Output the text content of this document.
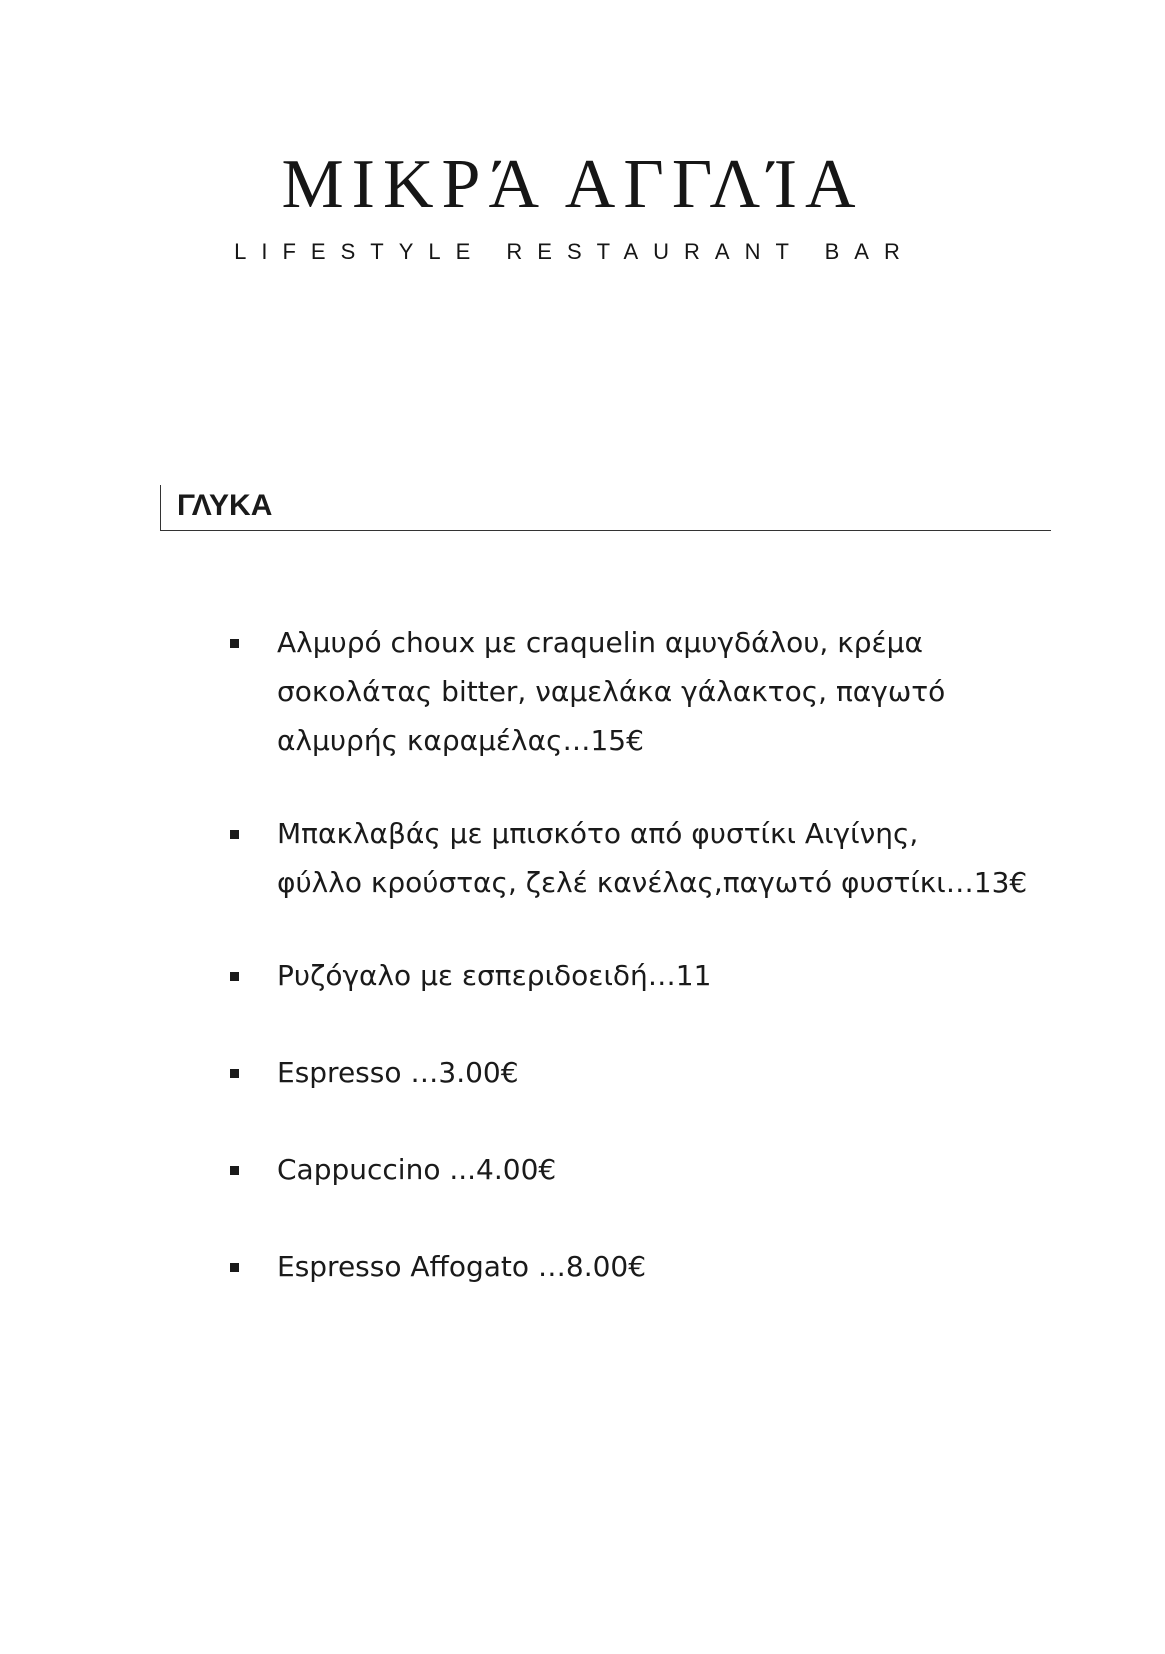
ΜΙΚΡΆ ΑΓΓΛΊΑ
LIFESTYLE RESTAURANT BAR
ΓΛΥΚΑ
Αλμυρό choux με craquelin αμυγδάλου, κρέμα
σοκολάτας bitter, ναμελάκα γάλακτος, παγωτό
αλμυρής καραμέλας…15€
Μπακλαβάς με μπισκότο από φυστίκι Αιγίνης,
φύλλο κρούστας, ζελέ κανέλας,παγωτό φυστίκι…13€
Ρυζόγαλο με εσπεριδοειδή…11
Espresso …3.00€
Cappuccino ...4.00€
Espresso Affogato …8.00€
